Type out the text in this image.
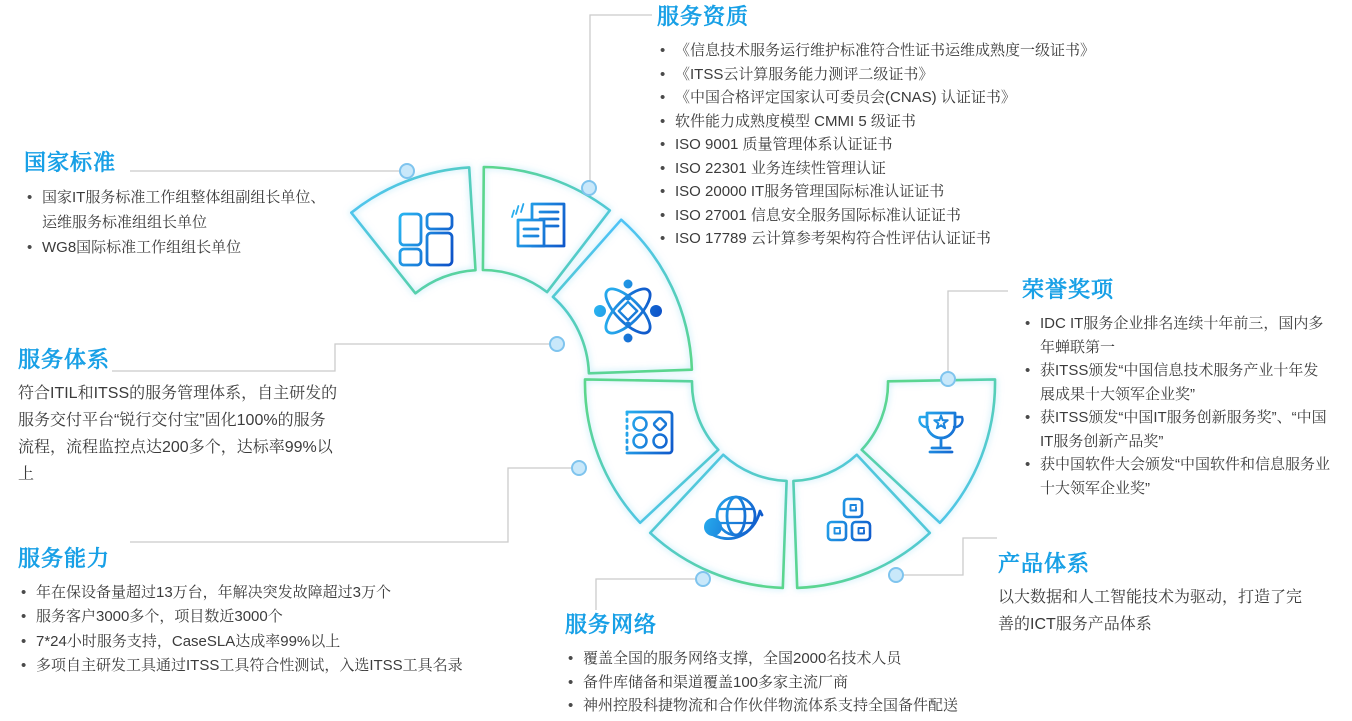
国家标准
• 国家IT服务标准工作组整体组副组长单位、运维服务标准组组长单位
• WG8国际标准工作组组长单位
服务资质
• 《信息技术服务运行维护标准符合性证书运维成熟度一级证书》
• 《ITSS云计算服务能力测评二级证书》
• 《中国合格评定国家认可委员会(CNAS) 认证证书》
• 软件能力成熟度模型 CMMI 5 级证书
• ISO 9001 质量管理体系认证证书
• ISO 22301 业务连续性管理认证
• ISO 20000 IT服务管理国际标准认证证书
• ISO 27001 信息安全服务国际标准认证证书
• ISO 17789 云计算参考架构符合性评估认证证书
服务体系

符合ITIL和ITSS的服务管理体系，自主研发的服务交付平台“锐行交付宝”固化100%的服务流程，流程监控点达200多个，达标率99%以上

服务能力
• 年在保设备量超过13万台，年解决突发故障超过3万个
• 服务客户3000多个，项目数近3000个
• 7*24小时服务支持，CaseSLA达成率99%以上
• 多项自主研发工具通过ITSS工具符合性测试，入选ITSS工具名录
荣誉奖项
• IDC IT服务企业排名连续十年前三，国内多年蝉联第一
• 获ITSS颁发“中国信息技术服务产业十年发展成果十大领军企业奖”
• 获ITSS颁发“中国IT服务创新服务奖”、“中国IT服务创新产品奖”
• 获中国软件大会颁发“中国软件和信息服务业十大领军企业奖”
产品体系

以大数据和人工智能技术为驱动，打造了完善的ICT服务产品体系

服务网络
• 覆盖全国的服务网络支撑，全国2000名技术人员
• 备件库储备和渠道覆盖100多家主流厂商
• 神州控股科捷物流和合作伙伴物流体系支持全国备件配送
